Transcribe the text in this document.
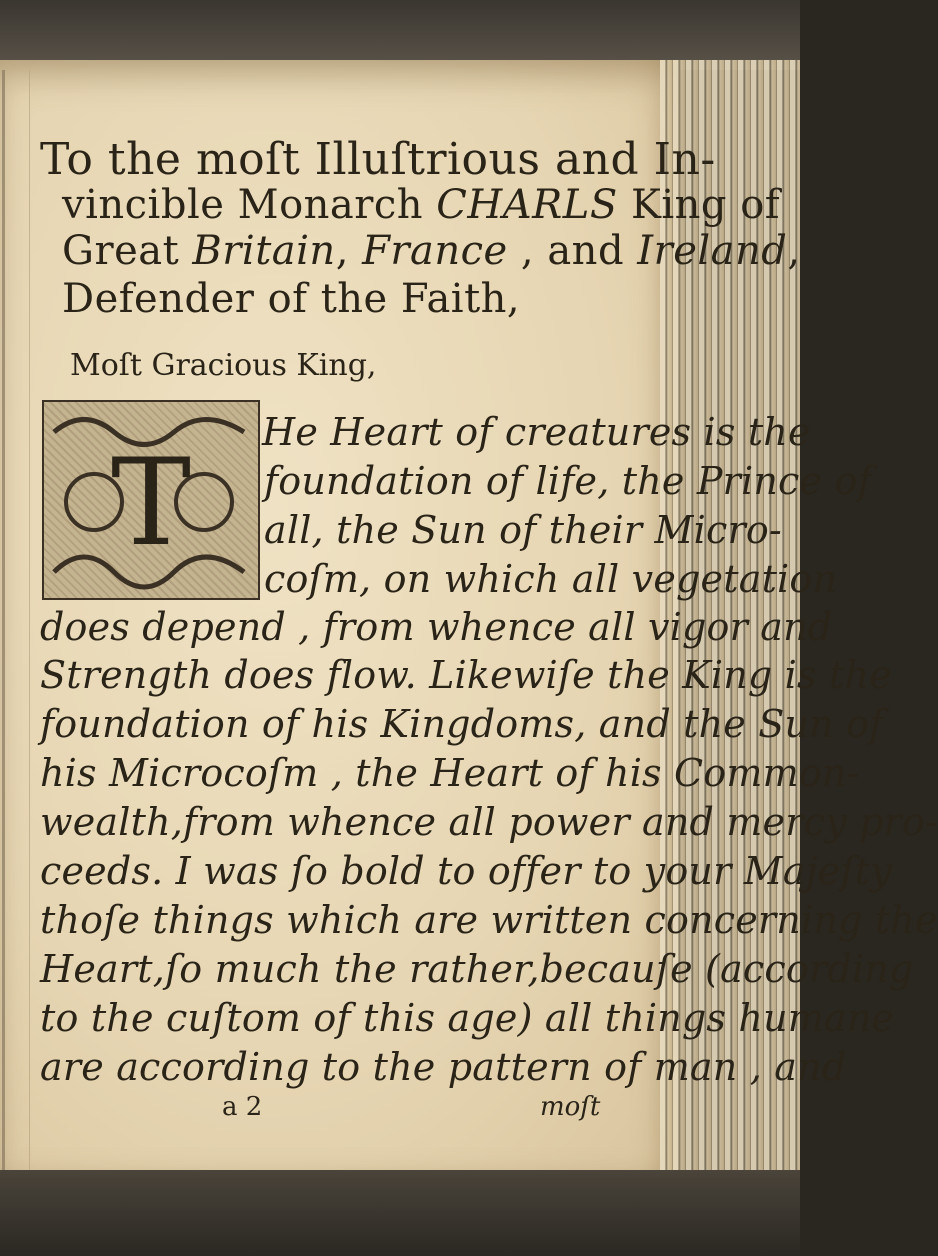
To the moſt Illuſtrious and In-
vincible Monarch CHARLS King of
Great Britain, France , and Ireland,
Defender of the Faith,
Moſt Gracious King,
T
He Heart of creatures is the
foundation of life, the Prince of
all, the Sun of their Micro-
coſm, on which all vegetation
does depend , from whence all vigor and
Strength does flow. Likewiſe the King is the
foundation of his Kingdoms, and the Sun of
his Microcoſm , the Heart of his Common-
wealth,from whence all power and mercy pro-
ceeds. I was ſo bold to offer to your Majeſty
thoſe things which are written concerning the
Heart,ſo much the rather,becauſe (according
to the cuſtom of this age) all things humane
are according to the pattern of man , and
a 2	moſt
